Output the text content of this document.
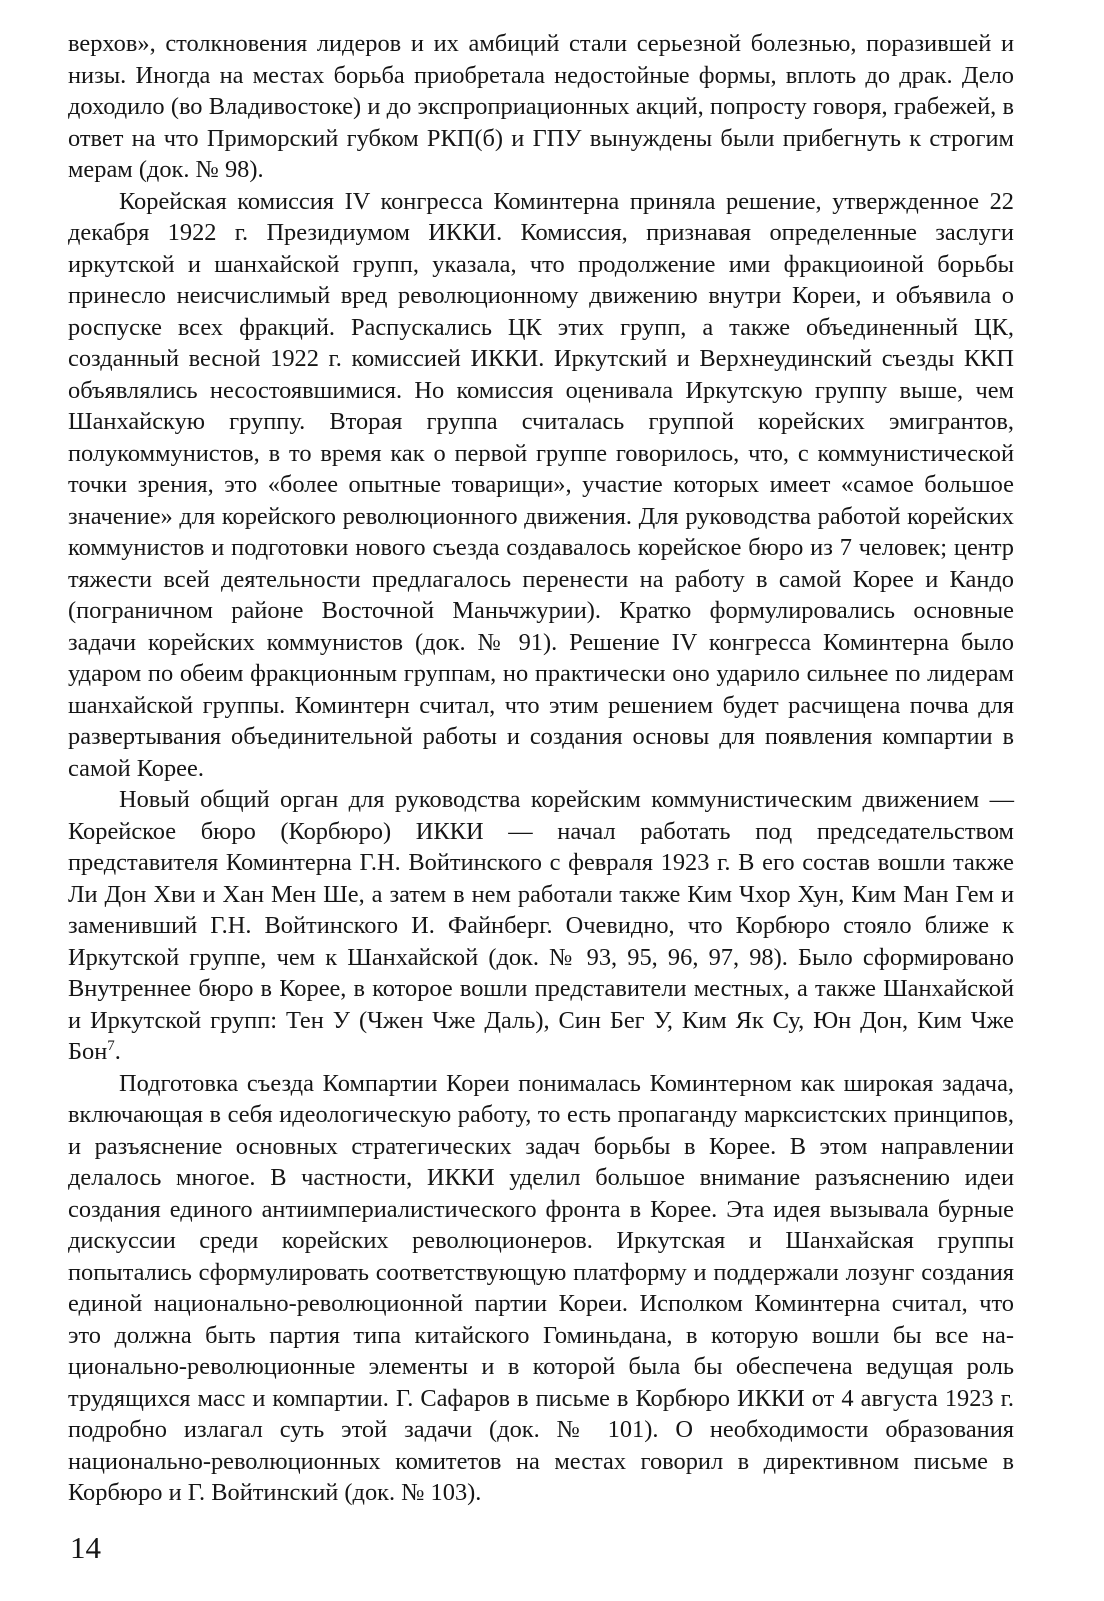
верхов», столкновения лидеров и их амбиций стали серьезной болезнью, поразившей и низы. Иногда на местах борьба приобретала недостойные формы, вплоть до драк. Дело доходило (во Владивостоке) и до экспроприационных акций, попросту говоря, грабежей, в ответ на что Приморский губком РКП(б) и ГПУ вынуждены были прибегнуть к строгим мерам (док. № 98).

Корейская комиссия IV конгресса Коминтерна приняла решение, утвержденное 22 декабря 1922 г. Президиумом ИККИ. Комиссия, признавая определенные заслуги иркутской и шанхайской групп, указала, что продолжение ими фракциоиной борьбы принесло неисчислимый вред революционному движению внутри Кореи, и объявила о роспуске всех фракций. Распускались ЦК этих групп, а также объединенный ЦК, созданный весной 1922 г. комиссией ИККИ. Иркутский и Верхнеудинский съезды ККП объявлялись несостоявшимися. Но комиссия оценивала Иркутскую группу выше, чем Шанхайскую группу. Вторая группа считалась группой корейских эмигрантов, полукоммунистов, в то время как о первой группе говорилось, что, с коммунистической точки зрения, это «более опытные товарищи», участие которых имеет «самое большое значение» для корейского революционного движения. Для руководства работой корейских коммунистов и подготовки нового съезда создавалось корейское бюро из 7 человек; центр тяжести всей деятельности предлагалось перенести на работу в самой Корее и Кандо (пограничном районе Восточной Маньчжурии). Кратко формулировались основные задачи корейских коммунистов (док. № 91). Решение IV конгресса Коминтерна было ударом по обеим фракционным группам, но практически оно ударило сильнее по лидерам шанхайской группы. Коминтерн считал, что этим решением будет расчищена почва для развертывания объединительной работы и создания основы для появления компартии в самой Корее.

Новый общий орган для руководства корейским коммунистическим движением — Корейское бюро (Корбюро) ИККИ — начал работать под председательством представителя Коминтерна Г.Н. Войтинского с февраля 1923 г. В его состав вошли также Ли Дон Хви и Хан Мен Ше, а затем в нем работали также Ким Чхор Хун, Ким Ман Гем и заменивший Г.Н. Войтинского И. Файнберг. Очевидно, что Корбюро стояло ближе к Иркутской группе, чем к Шанхайской (док. № 93, 95, 96, 97, 98). Было сформировано Внутреннее бюро в Корее, в которое вошли представители местных, а также Шанхайской и Иркутской групп: Тен У (Чжен Чже Даль), Син Бег У, Ким Як Су, Юн Дон, Ким Чже Бон$^7$.

Подготовка съезда Компартии Кореи понималась Коминтерном как широкая задача, включающая в себя идеологическую работу, то есть пропаганду марксистских принципов, и разъяснение основных стратегических задач борьбы в Корее. В этом направлении делалось многое. В частности, ИККИ уделил большое внимание разъяснению идеи создания единого антиимпериалистического фронта в Корее. Эта идея вызывала бурные дискуссии среди корейских революционеров. Иркутская и Шанхайская группы попытались сформулировать соответствующую платформу и поддержали лозунг создания единой национально-революционной партии Кореи. Исполком Коминтерна считал, что это должна быть партия типа китайского Гоминьдана, в которую вошли бы все национально-революционные элементы и в которой была бы обеспечена ведущая роль трудящихся масс и компартии. Г. Сафаров в письме в Корбюро ИККИ от 4 августа 1923 г. подробно излагал суть этой задачи (док. № 101). О необходимости образования национально-революционных комитетов на местах говорил в директивном письме в Корбюро и Г. Войтинский (док. № 103).

14
